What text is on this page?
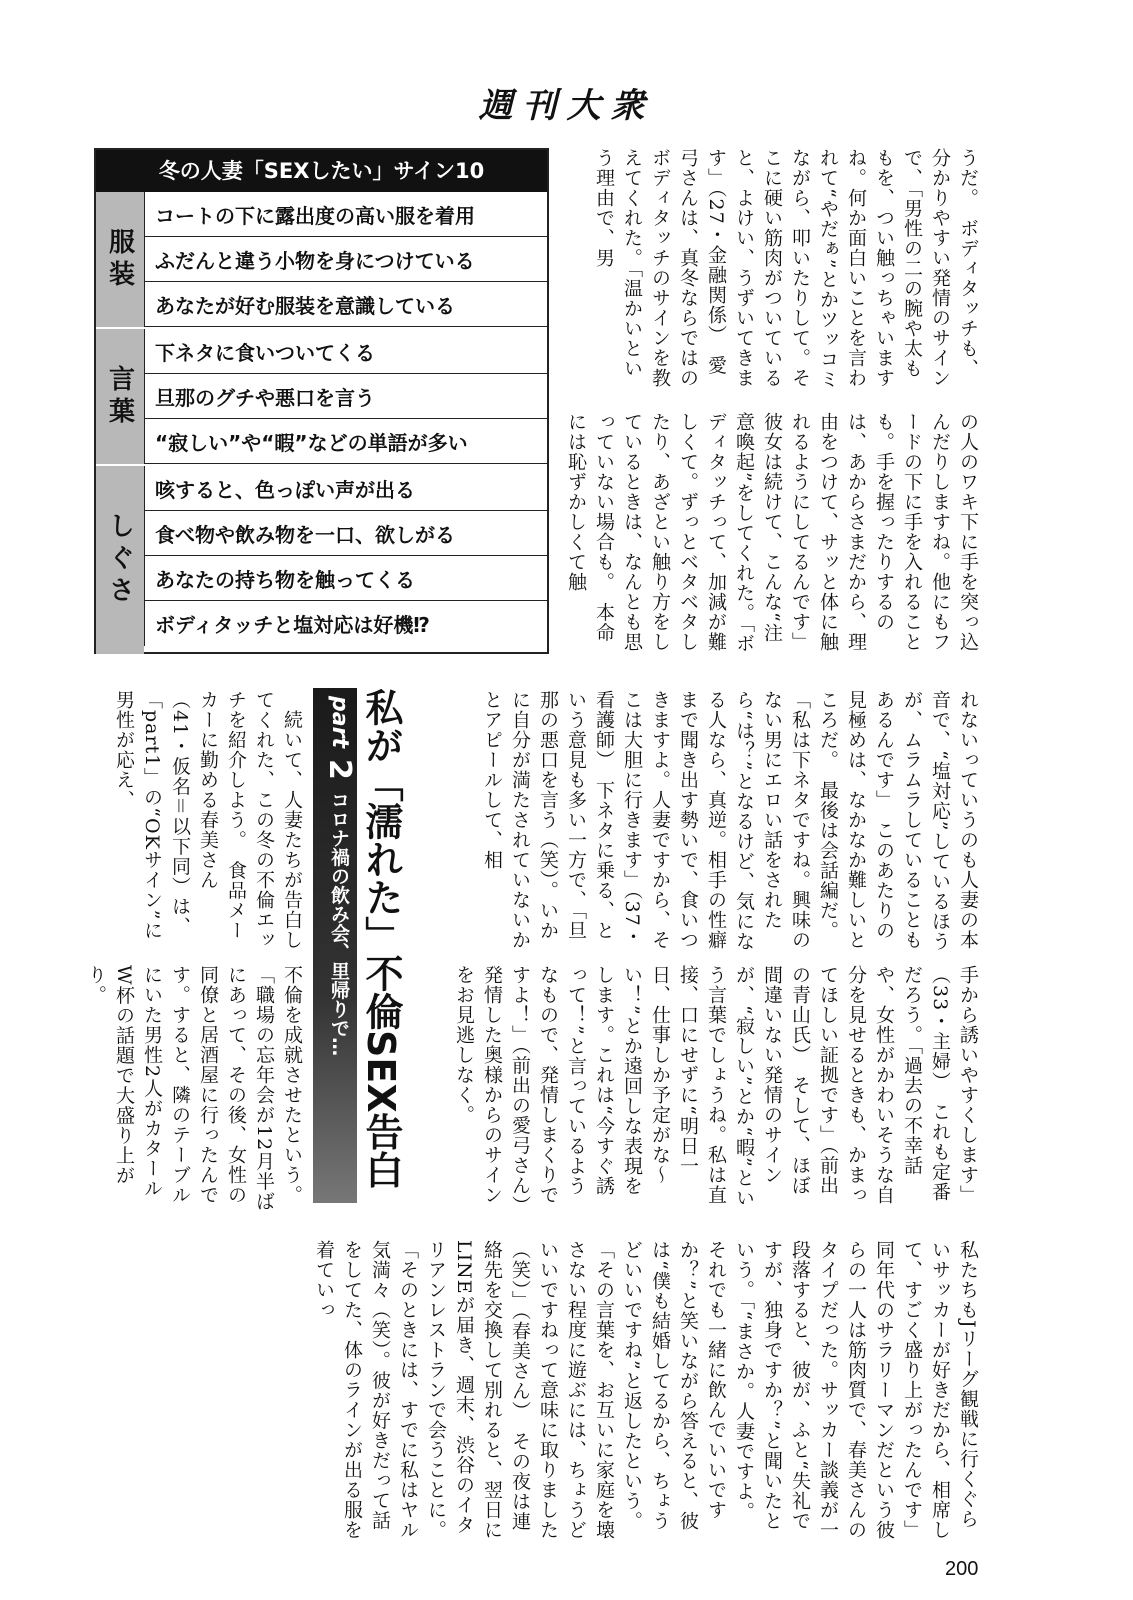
週刊大衆
冬の人妻「SEXしたい」サイン10
服装
コートの下に露出度の高い服を着用
ふだんと違う小物を身につけている
あなたが好む服装を意識している
言葉
下ネタに食いついてくる
旦那のグチや悪口を言う
“寂しい”や“暇”などの単語が多い
しぐさ
咳すると、色っぽい声が出る
食べ物や飲み物を一口、欲しがる
あなたの持ち物を触ってくる
ボディタッチと塩対応は好機⁉
うだ。　ボディタッチも、分かりやすい発情のサインで、「男性の二の腕や太ももを、つい触っちゃいますね。何か面白いことを言われて“やだぁ”とかツッコミながら、叩いたりして。そこに硬い筋肉がついていると、よけい、うずいてきます」（27・金融関係）　愛弓さんは、真冬ならではのボディタッチのサインを教えてくれた。「温かいという理由で、男
の人のワキ下に手を突っ込んだりしますね。他にもフードの下に手を入れることも。手を握ったりするのは、あからさまだから、理由をつけて、サッと体に触れるようにしてるんです」　彼女は続けて、こんな“注意喚起”をしてくれた。「ボディタッチって、加減が難しくて。ずっとベタベタしたり、あざとい触り方をしているときは、なんとも思っていない場合も。　本命には恥ずかしくて触
れないっていうのも人妻の本音で、“塩対応”しているほうが、ムラムラしていることもあるんです」　このあたりの見極めは、なかなか難しいところだ。　最後は会話編だ。「私は下ネタですね。興味のない男にエロい話をされたら“は？”となるけど、気になる人なら、真逆。相手の性癖まで聞き出す勢いで、食いつきますよ。人妻ですから、そこは大胆に行きます」（37・看護師）　下ネタに乗る、という意見も多い一方で、「旦那の悪口を言う（笑）。いかに自分が満たされていないかとアピールして、相
手から誘いやすくします」（33・主婦）　これも定番だろう。「過去の不幸話や、女性がかわいそうな自分を見せるときも、かまってほしい証拠です」（前出の青山氏）　そして、ほぼ間違いない発情のサインが、“寂しい”とか“暇”という言葉でしょうね。私は直接、口にせずに“明日一日、仕事しか予定がな〜い！”とか遠回しな表現をします。これは“今すぐ誘って！”と言っているようなもので、発情しまくりですよ！」（前出の愛弓さん）　発情した奥様からのサインをお見逃しなく。
part 2 コロナ禍の飲み会、里帰りで… 私が「濡れた」不倫SEX告白
　続いて、人妻たちが告白してくれた、この冬の不倫エッチを紹介しよう。　食品メーカーに勤める春美さん（41・仮名＝以下同）は、「part1」の“OKサイン”に男性が応え、
不倫を成就させたという。「職場の忘年会が12月半ばにあって、その後、女性の同僚と居酒屋に行ったんです。すると、隣のテーブルにいた男性2人がカタールW杯の話題で大盛り上がり。
私たちもJリーグ観戦に行くぐらいサッカーが好きだから、相席して、すごく盛り上がったんです」　同年代のサラリーマンだという彼らの一人は筋肉質で、春美さんのタイプだった。サッカー談義が一段落すると、彼が、ふと“失礼ですが、独身ですか？”と聞いたという。「“まさか。人妻ですよ。それでも一緒に飲んでいいですか？”と笑いながら答えると、彼は“僕も結婚してるから、ちょうどいいですね”と返したという。「その言葉を、お互いに家庭を壊さない程度に遊ぶには、ちょうどいいですねって意味に取りました（笑）」（春美さん）　その夜は連絡先を交換して別れると、翌日にLINEが届き、週末、渋谷のイタリアンレストランで会うことに。「そのときには、すでに私はヤル気満々（笑）。彼が好きだって話をしてた、体のラインが出る服を着ていっ
200
